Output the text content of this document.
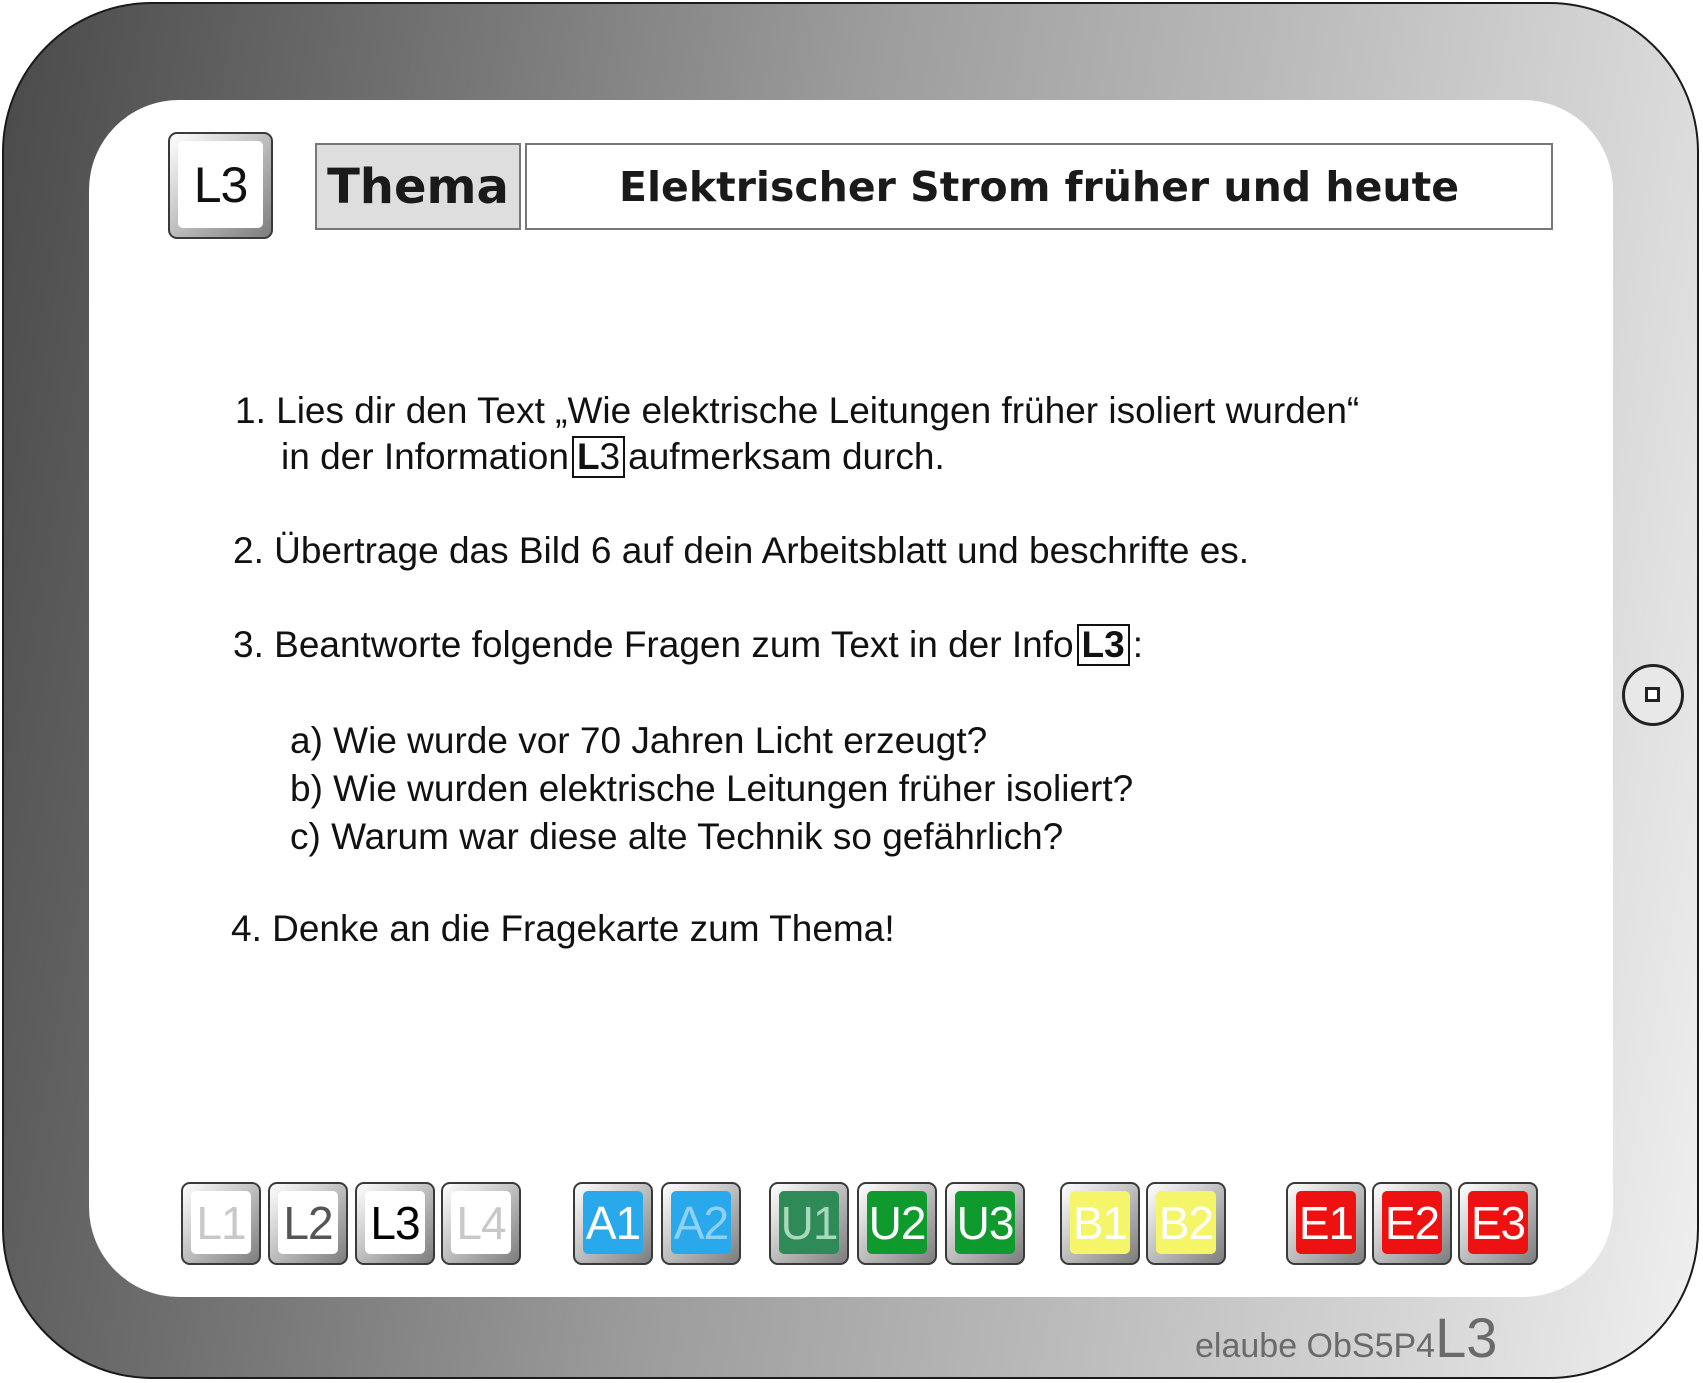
L3	Thema	Elektrischer Strom früher und heute
1. Lies dir den Text „Wie elektrische Leitungen früher isoliert wurden“
in der Information L3 aufmerksam durch.
2. Übertrage das Bild 6 auf dein Arbeitsblatt und beschrifte es.
3. Beantworte folgende Fragen zum Text in der Info L3 :
a) Wie wurde vor 70 Jahren Licht erzeugt?
b) Wie wurden elektrische Leitungen früher isoliert?
c) Warum war diese alte Technik so gefährlich?
4. Denke an die Fragekarte zum Thema!
L1 L2 L3 L4 A1 A2 U1 U2 U3 B1 B2 E1 E2 E3
elaube ObS5P4L3
